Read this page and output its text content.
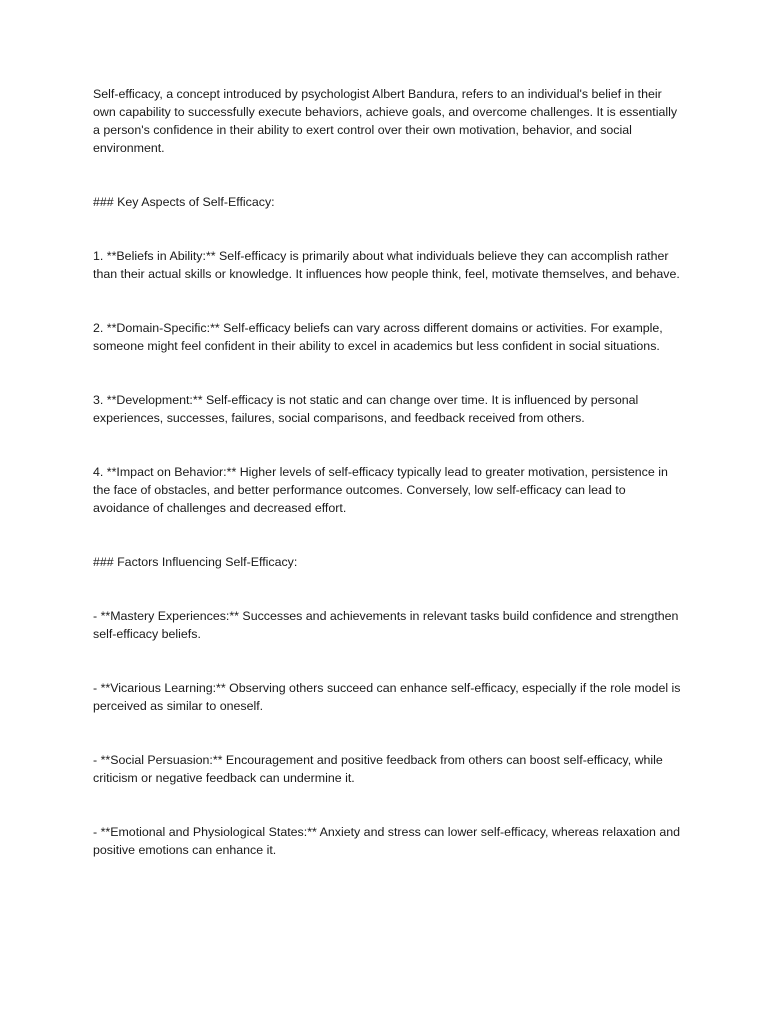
Self-efficacy, a concept introduced by psychologist Albert Bandura, refers to an individual's belief in their own capability to successfully execute behaviors, achieve goals, and overcome challenges. It is essentially a person's confidence in their ability to exert control over their own motivation, behavior, and social environment.

### Key Aspects of Self-Efficacy:

1. **Beliefs in Ability:** Self-efficacy is primarily about what individuals believe they can accomplish rather than their actual skills or knowledge. It influences how people think, feel, motivate themselves, and behave.

2. **Domain-Specific:** Self-efficacy beliefs can vary across different domains or activities. For example, someone might feel confident in their ability to excel in academics but less confident in social situations.

3. **Development:** Self-efficacy is not static and can change over time. It is influenced by personal experiences, successes, failures, social comparisons, and feedback received from others.

4. **Impact on Behavior:** Higher levels of self-efficacy typically lead to greater motivation, persistence in the face of obstacles, and better performance outcomes. Conversely, low self-efficacy can lead to avoidance of challenges and decreased effort.

### Factors Influencing Self-Efficacy:

- **Mastery Experiences:** Successes and achievements in relevant tasks build confidence and strengthen self-efficacy beliefs.

- **Vicarious Learning:** Observing others succeed can enhance self-efficacy, especially if the role model is perceived as similar to oneself.

- **Social Persuasion:** Encouragement and positive feedback from others can boost self-efficacy, while criticism or negative feedback can undermine it.

- **Emotional and Physiological States:** Anxiety and stress can lower self-efficacy, whereas relaxation and positive emotions can enhance it.
